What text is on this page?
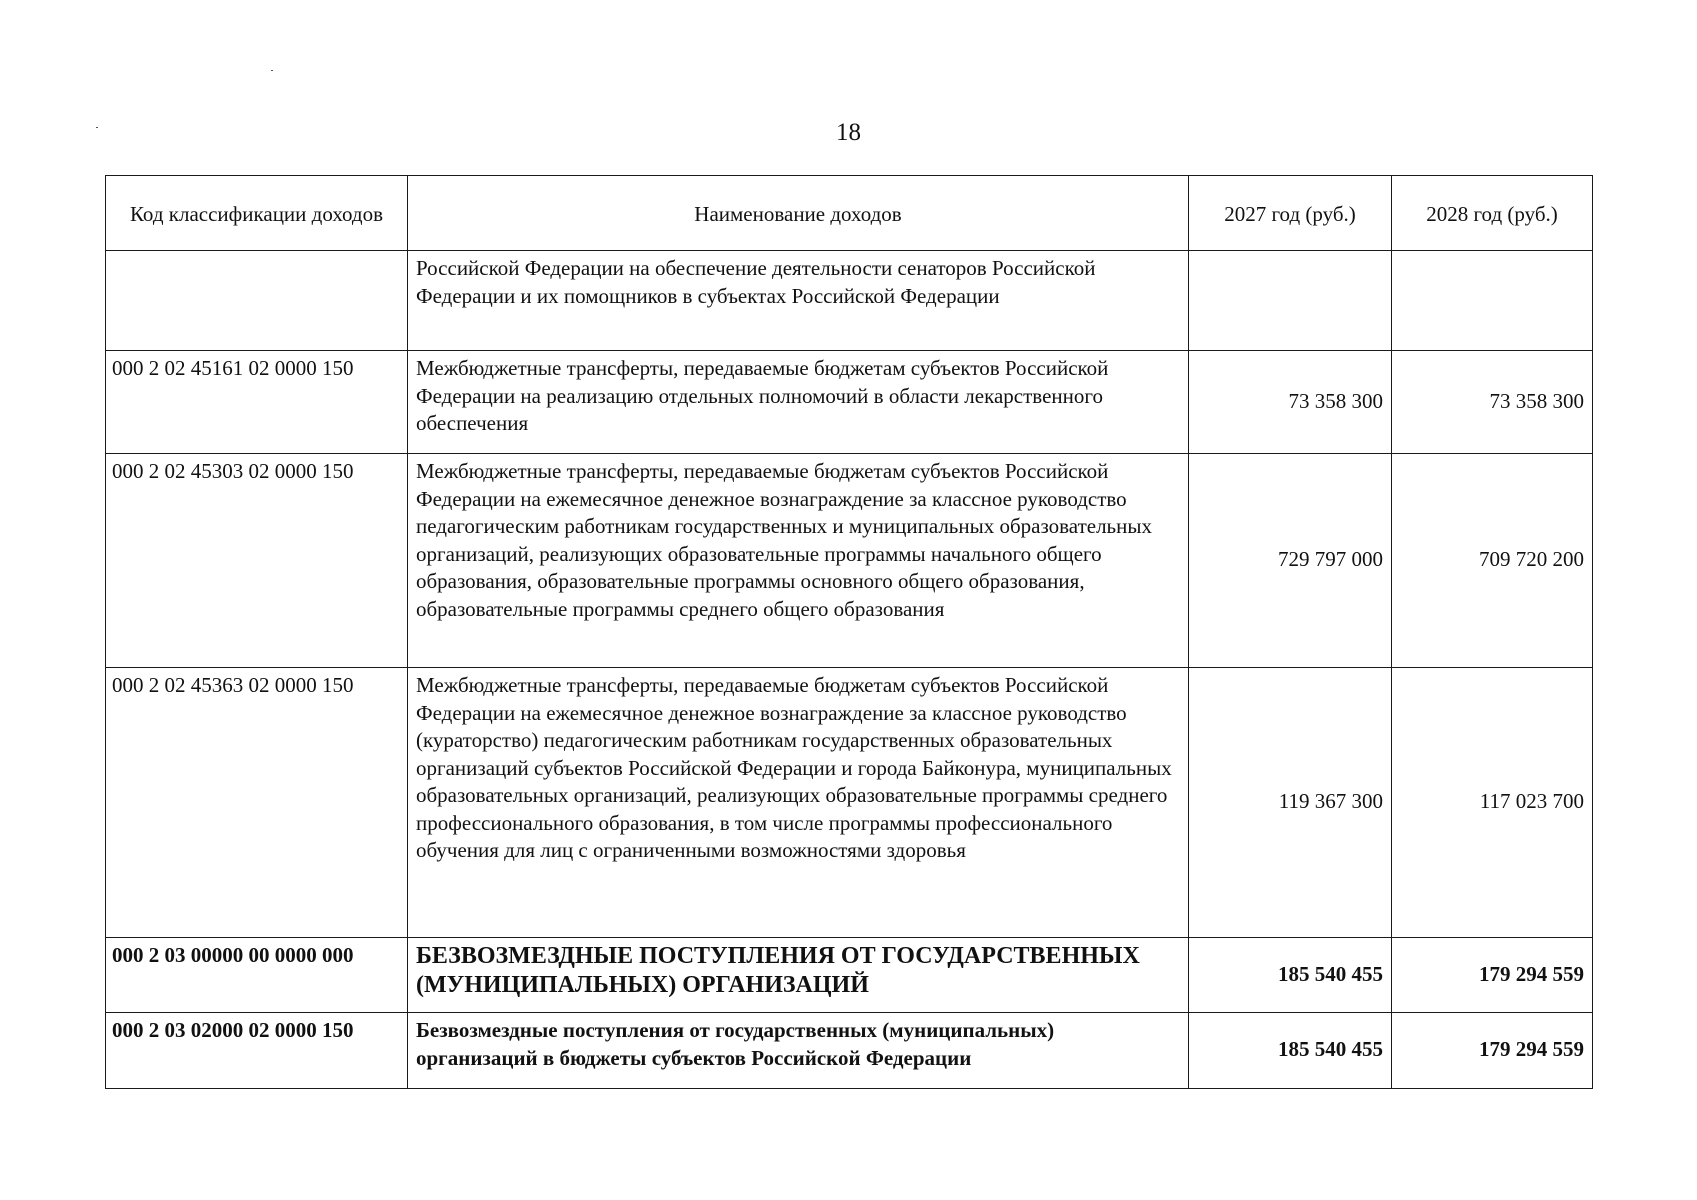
18
Код классификации доходов	Наименование доходов	2027 год (руб.)	2028 год (руб.)
	Российской Федерации на обеспечение деятельности сенаторов Российской Федерации и их помощников в субъектах Российской Федерации		
000 2 02 45161 02 0000 150	Межбюджетные трансферты, передаваемые бюджетам субъектов Российской Федерации на реализацию отдельных полномочий в области лекарственного обеспечения	73 358 300	73 358 300
000 2 02 45303 02 0000 150	Межбюджетные трансферты, передаваемые бюджетам субъектов Российской Федерации на ежемесячное денежное вознаграждение за классное руководство педагогическим работникам государственных и муниципальных образовательных организаций, реализующих образовательные программы начального общего образования, образовательные программы основного общего образования, образовательные программы среднего общего образования	729 797 000	709 720 200
000 2 02 45363 02 0000 150	Межбюджетные трансферты, передаваемые бюджетам субъектов Российской Федерации на ежемесячное денежное вознаграждение за классное руководство (кураторство) педагогическим работникам государственных образовательных организаций субъектов Российской Федерации и города Байконура, муниципальных образовательных организаций, реализующих образовательные программы среднего профессионального образования, в том числе программы профессионального обучения для лиц с ограниченными возможностями здоровья	119 367 300	117 023 700
000 2 03 00000 00 0000 000	БЕЗВОЗМЕЗДНЫЕ ПОСТУПЛЕНИЯ ОТ ГОСУДАРСТВЕННЫХ (МУНИЦИПАЛЬНЫХ) ОРГАНИЗАЦИЙ	185 540 455	179 294 559
000 2 03 02000 02 0000 150	Безвозмездные поступления от государственных (муниципальных) организаций в бюджеты субъектов Российской Федерации	185 540 455	179 294 559
